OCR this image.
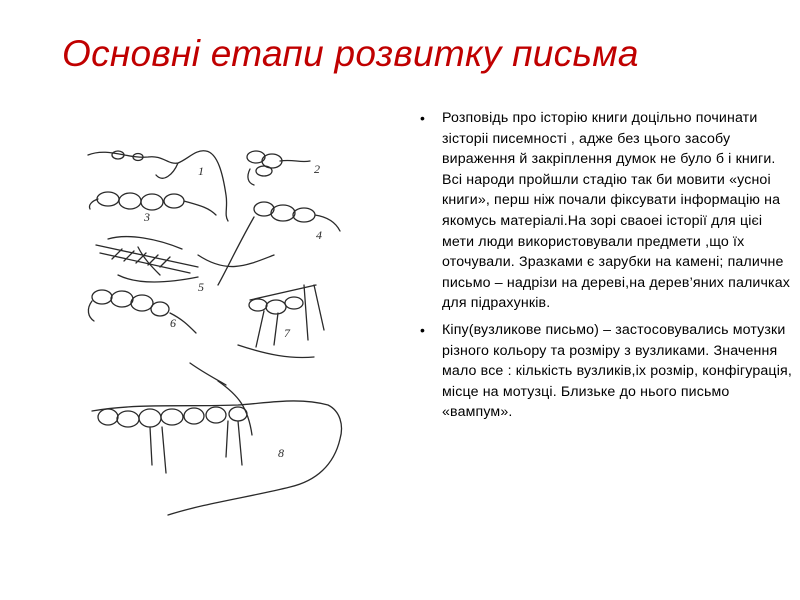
Основні етапи розвитку письма
1	2
3
4
5
6
7
8
•	Розповідь про історію книги доцільно починати зісторіі писемності , адже без цього засобу вираження й закріплення думок не було б і книги. Всі народи пройшли стадію так би мовити «усноі книги», перш ніж почали фіксувати інформацію на якомусь матеріалі.На зорі сваоеі історії для цієі мети люди використовували предмети ,що їх оточували. Зразками є зарубки на камені; паличне письмо – надрізи на дереві,на дерев’яних паличках для підрахунків.
•	Кіпу(вузликове письмо) – застосовувались мотузки різного кольору та розміру з вузликами. Значення мало все : кількість вузликів,іх розмір, конфігурація, місце на мотузці. Близьке до нього письмо «вампум».
